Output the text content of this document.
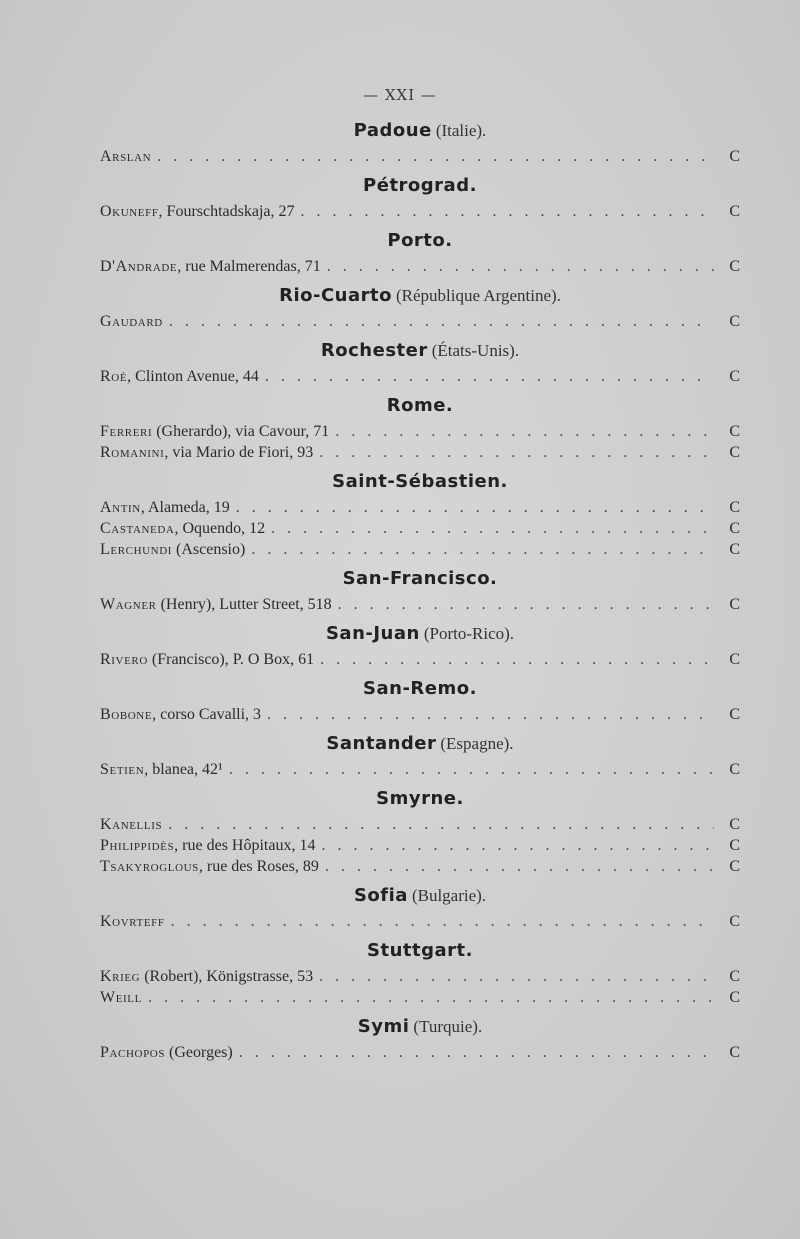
— XXI —
Padoue (Italie).
Arslan . . .	C
Pétrograd.
Okuneff , Fourschtadskaja, 27 . . .	C
Porto.
D'Andrade , rue Malmerendas, 71 . . .	C
Rio-Cuarto (République Argentine).
Gaudard . . .	C
Rochester (États-Unis).
Roé , Clinton Avenue, 44 . . .	C
Rome.
Ferreri (Gherardo), via Cavour, 71 . . .	C
Romanini , via Mario de Fiori, 93 . . .	C
Saint-Sébastien.
Antin , Alameda, 19 . . .	C
Castaneda , Oquendo, 12 . . .	C
Lerchundi (Ascensio) . . .	C
San-Francisco.
Wagner (Henry), Lutter Street, 518 . . .	C
San-Juan (Porto-Rico).
Rivero (Francisco), P. O Box, 61 . . .	C
San-Remo.
Bobone , corso Cavalli, 3 . . .	C
Santander (Espagne).
Setien , blanea, 42¹ . . .	C
Smyrne.
Kanellis . . .	C
Philippidès , rue des Hôpitaux, 14 . . .	C
Tsakyroglous , rue des Roses, 89 . . .	C
Sofia (Bulgarie).
Kovrteff . . .	C
Stuttgart.
Krieg (Robert), Königstrasse, 53 . . .	C
Weill . . .	C
Symi (Turquie).
Pachopos (Georges) . . .	C
